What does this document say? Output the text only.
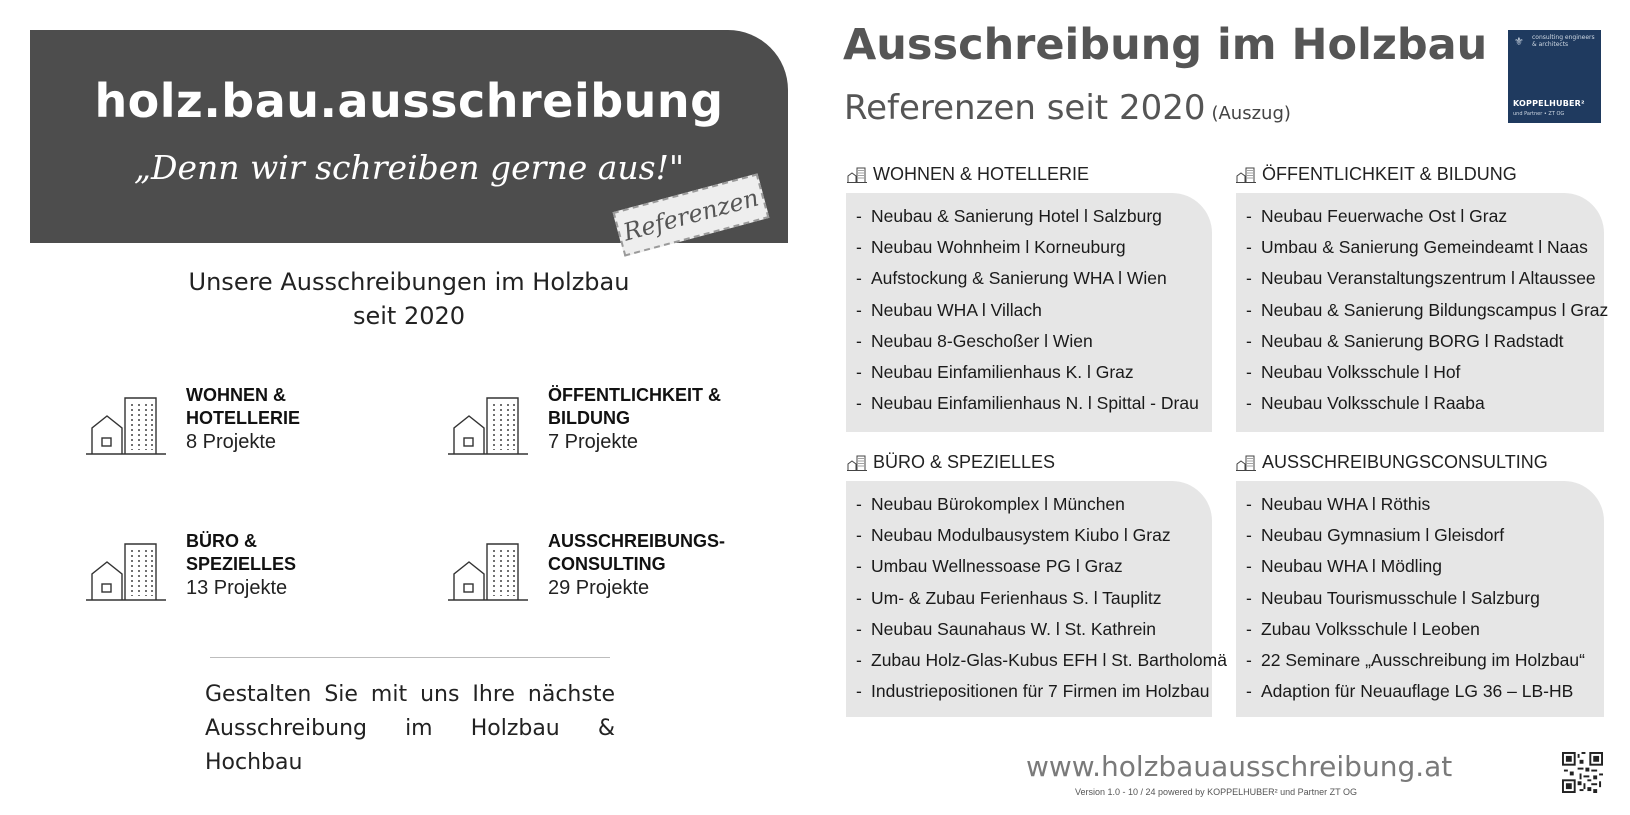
holz.bau.ausschreibung
„Denn wir schreiben gerne aus!"
Referenzen
Unsere Ausschreibungen im Holzbau
seit 2020
WOHNEN &
HOTELLERIE
8 Projekte
ÖFFENTLICHKEIT &
BILDUNG
7 Projekte
BÜRO &
SPEZIELLES
13 Projekte
AUSSCHREIBUNGS-
CONSULTING
29 Projekte
Gestalten Sie mit uns Ihre nächste
Ausschreibung im Holzbau & Hochbau
Ausschreibung im Holzbau
Referenzen seit 2020 (Auszug)
⚜ consulting engineers & architects
KOPPELHUBER²
und Partner • ZT OG
WOHNEN & HOTELLERIE
- Neubau & Sanierung Hotel l Salzburg
- Neubau Wohnheim l Korneuburg
- Aufstockung & Sanierung WHA l Wien
- Neubau WHA l Villach
- Neubau 8-Geschoßer l Wien
- Neubau Einfamilienhaus K. l Graz
- Neubau Einfamilienhaus N. l Spittal - Drau
ÖFFENTLICHKEIT & BILDUNG
- Neubau Feuerwache Ost l Graz
- Umbau & Sanierung Gemeindeamt l Naas
- Neubau Veranstaltungszentrum l Altaussee
- Neubau & Sanierung Bildungscampus l Graz
- Neubau & Sanierung BORG l Radstadt
- Neubau Volksschule l Hof
- Neubau Volksschule l Raaba
BÜRO & SPEZIELLES
- Neubau Bürokomplex l München
- Neubau Modulbausystem Kiubo l Graz
- Umbau Wellnessoase PG l Graz
- Um- & Zubau Ferienhaus S. l Tauplitz
- Neubau Saunahaus W. l St. Kathrein
- Zubau Holz-Glas-Kubus EFH l St. Bartholomä
- Industriepositionen für 7 Firmen im Holzbau
AUSSCHREIBUNGSCONSULTING
- Neubau WHA l Röthis
- Neubau Gymnasium l Gleisdorf
- Neubau WHA l Mödling
- Neubau Tourismusschule l Salzburg
- Zubau Volksschule l Leoben
- 22 Seminare „Ausschreibung im Holzbau“
- Adaption für Neuauflage LG 36 – LB-HB
www.holzbauausschreibung.at
Version 1.0 - 10 / 24 powered by KOPPELHUBER² und Partner ZT OG
